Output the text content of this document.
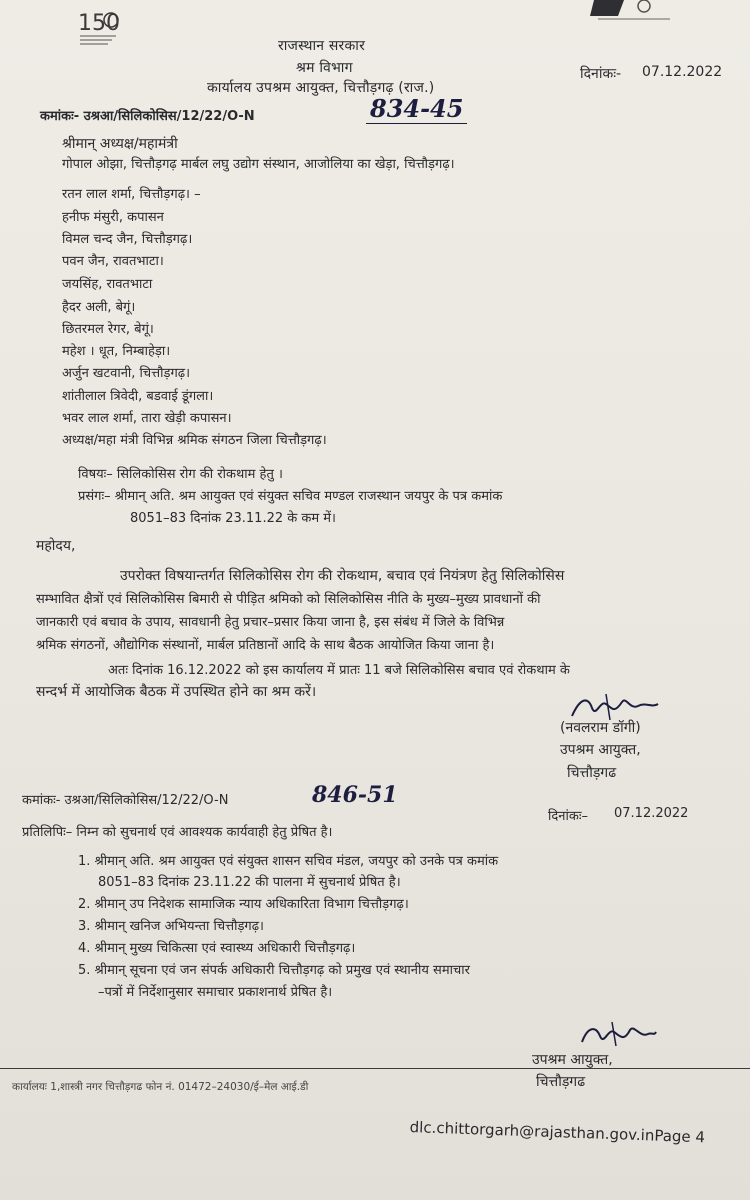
150
राजस्थान सरकार
श्रम विभाग
कार्यालय उपश्रम आयुक्त, चित्तौड़गढ़ (राज.)
दिनांकः- 07.12.2022
कमांकः- उश्रआ/सिलिकोसिस/12/22/O-N	834-45
श्रीमान् अध्यक्ष/महामंत्री
गोपाल ओझा, चित्तौड़गढ़ मार्बल लघु उद्योग संस्थान, आजोलिया का खेड़ा, चित्तौड़गढ़।
रतन लाल शर्मा, चित्तौड़गढ़। –
हनीफ मंसुरी, कपासन
विमल चन्द जैन, चित्तौड़गढ़।
पवन जैन, रावतभाटा।
जयसिंह, रावतभाटा
हैदर अली, बेगूं।
छितरमल रेगर, बेगूं।
महेश । धूत, निम्बाहेड़ा।
अर्जुन खटवानी, चित्तौड़गढ़।
शांतीलाल त्रिवेदी, बडवाई डूंगला।
भवर लाल शर्मा, तारा खेड़ी कपासन।
अध्यक्ष/महा मंत्री विभिन्न श्रमिक संगठन जिला चित्तौड़गढ़।
विषयः– सिलिकोसिस रोग की रोकथाम हेतु ।
प्रसंगः– श्रीमान् अति. श्रम आयुक्त एवं संयुक्त सचिव मण्डल राजस्थान जयपुर के पत्र कमांक
8051–83 दिनांक 23.11.22 के कम में।
महोदय,
उपरोक्त विषयान्तर्गत सिलिकोसिस रोग की रोकथाम, बचाव एवं नियंत्रण हेतु सिलिकोसिस
सम्भावित क्षैत्रों एवं सिलिकोसिस बिमारी से पीड़ित श्रमिको को सिलिकोसिस नीति के मुख्य–मुख्य प्रावधानों की
जानकारी एवं बचाव के उपाय, सावधानी हेतु प्रचार–प्रसार किया जाना है, इस संबंध में जिले के विभिन्न
श्रमिक संगठनों, औद्योगिक संस्थानों, मार्बल प्रतिष्ठानों आदि के साथ बैठक आयोजित किया जाना है।
अतः दिनांक 16.12.2022 को इस कार्यालय में प्रातः 11 बजे सिलिकोसिस बचाव एवं रोकथाम के
सन्दर्भ में आयोजिक बैठक में उपस्थित होने का श्रम करें।
(नवलराम डॉगी)
उपश्रम आयुक्त,
चित्तौड़गढ
कमांकः- उश्रआ/सिलिकोसिस/12/22/O-N	846-51
दिनांकः– 07.12.2022
प्रतिलिपिः– निम्न को सुचनार्थ एवं आवश्यक कार्यवाही हेतु प्रेषित है।
1. श्रीमान् अति. श्रम आयुक्त एवं संयुक्त शासन सचिव मंडल, जयपुर को उनके पत्र कमांक
8051–83 दिनांक 23.11.22 की पालना में सुचनार्थ प्रेषित है।
2. श्रीमान् उप निदेशक सामाजिक न्याय अधिकारिता विभाग चित्तौड़गढ़।
3. श्रीमान् खनिज अभियन्ता चित्तौड़गढ़।
4. श्रीमान् मुख्य चिकित्सा एवं स्वास्थ्य अधिकारी चित्तौड़गढ़।
5. श्रीमान् सूचना एवं जन संपर्क अधिकारी चित्तौड़गढ़ को प्रमुख एवं स्थानीय समाचार
–पत्रों में निर्देशानुसार समाचार प्रकाशनार्थ प्रेषित है।
उपश्रम आयुक्त,
चित्तौड़गढ
कार्यालयः 1,शास्त्री नगर चित्तौड़गढ फोन नं. 01472–24030/ई–मेल आई.डी
dlc.chittorgarh@rajasthan.gov.inPage 4
